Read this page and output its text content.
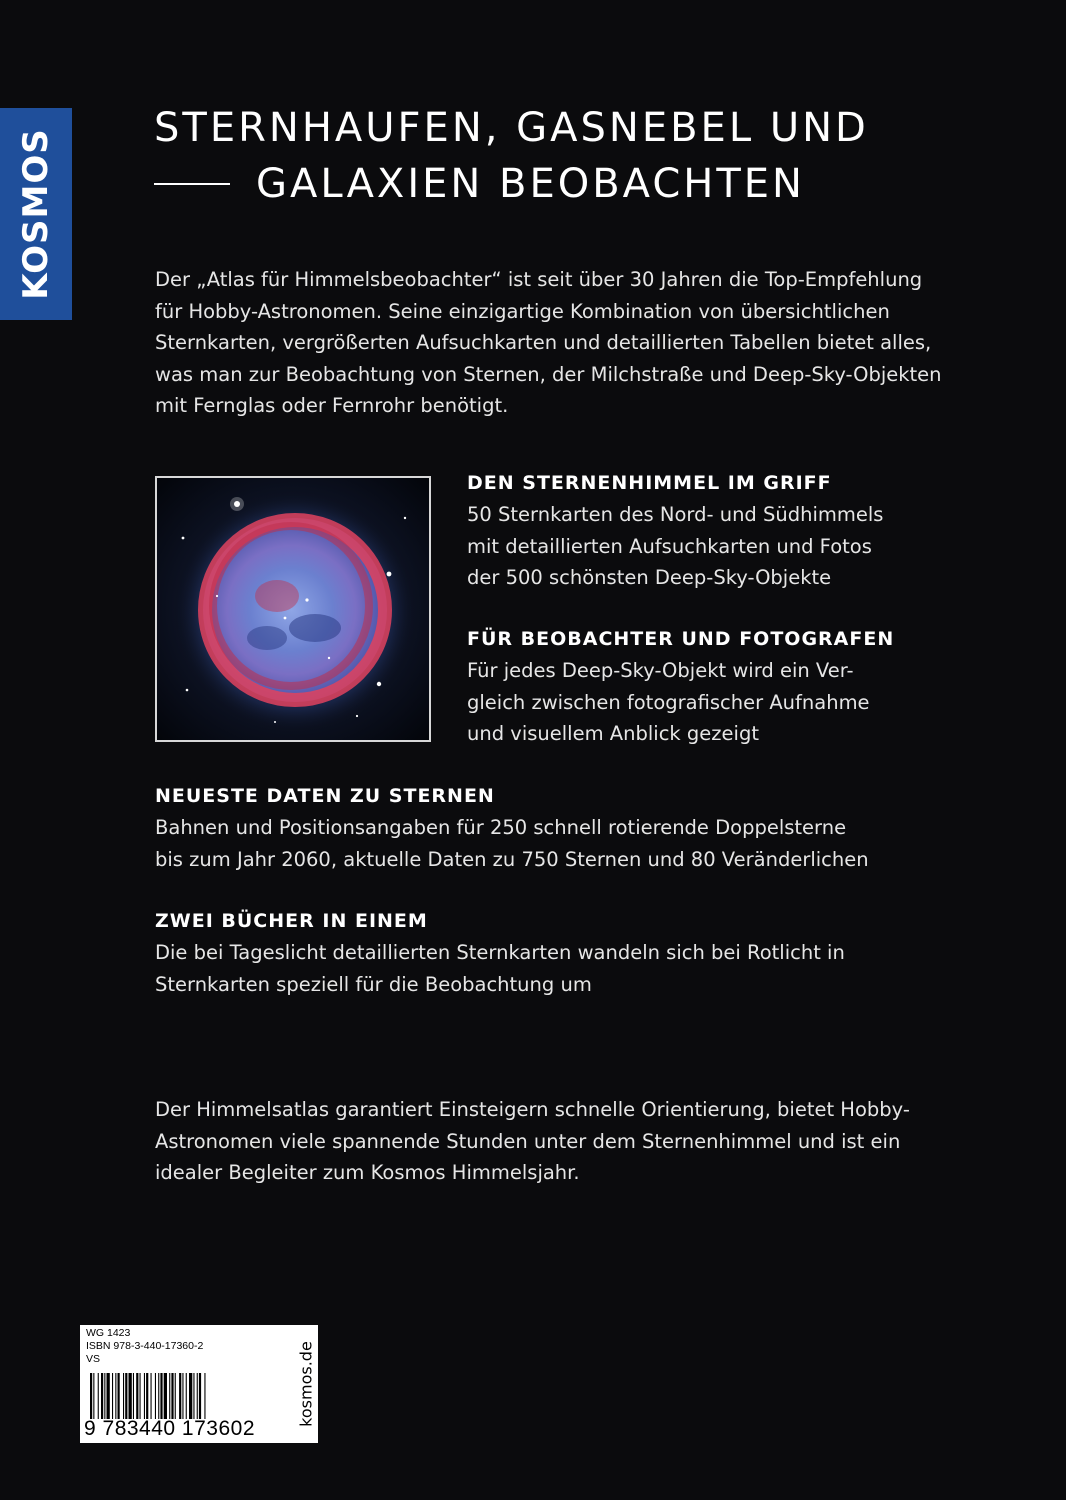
KOSMOS
STERNHAUFEN, GASNEBEL UND
GALAXIEN BEOBACHTEN
Der „Atlas für Himmelsbeobachter“ ist seit über 30 Jahren die Top-Empfehlung für Hobby-Astronomen. Seine einzigartige Kombination von übersichtlichen Sternkarten, vergrößerten Aufsuchkarten und detaillierten Tabellen bietet alles, was man zur Beobachtung von Sternen, der Milchstraße und Deep-Sky-Objekten mit Fernglas oder Fernrohr benötigt.
DEN STERNENHIMMEL IM GRIFF
50 Sternkarten des Nord- und Südhimmels
mit detaillierten Aufsuchkarten und Fotos
der 500 schönsten Deep-Sky-Objekte
FÜR BEOBACHTER UND FOTOGRAFEN
Für jedes Deep-Sky-Objekt wird ein Ver-
gleich zwischen fotografischer Aufnahme
und visuellem Anblick gezeigt
NEUESTE DATEN ZU STERNEN
Bahnen und Positionsangaben für 250 schnell rotierende Doppelsterne
bis zum Jahr 2060, aktuelle Daten zu 750 Sternen und 80 Veränderlichen
ZWEI BÜCHER IN EINEM
Die bei Tageslicht detaillierten Sternkarten wandeln sich bei Rotlicht in
Sternkarten speziell für die Beobachtung um
Der Himmelsatlas garantiert Einsteigern schnelle Orientierung, bietet Hobby-Astronomen viele spannende Stunden unter dem Sternenhimmel und ist ein idealer Begleiter zum Kosmos Himmelsjahr.
WG 1423
ISBN 978-3-440-17360-2
VS
9 783440 173602
kosmos.de
